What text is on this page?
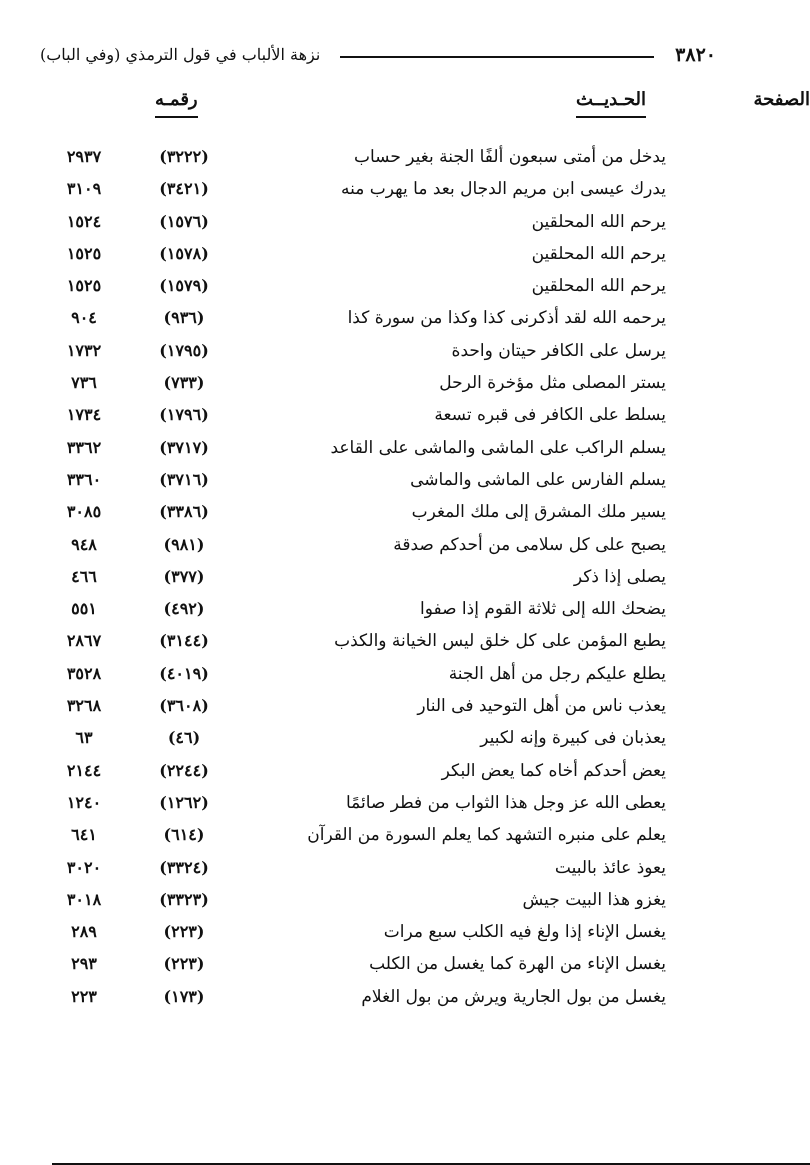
٣٨٢٠
نزهة الألباب في قول الترمذي (وفي الباب)
الحـديــث
رقمـه	الصفحة
يدخل من أمتى سبعون ألفًا الجنة بغير حساب
(٣٢٢٢)
٢٩٣٧
يدرك عيسى ابن مريم الدجال بعد ما يهرب منه
(٣٤٢١)
٣١٠٩
يرحم الله المحلقين
(١٥٧٦)
١٥٢٤
يرحم الله المحلقين
(١٥٧٨)
١٥٢٥
يرحم الله المحلقين
(١٥٧٩)
١٥٢٥
يرحمه الله لقد أذكرنى كذا وكذا من سورة كذا
(٩٣٦)
٩٠٤
يرسل على الكافر حيتان واحدة
(١٧٩٥)
١٧٣٢
يستر المصلى مثل مؤخرة الرحل
(٧٣٣)
٧٣٦
يسلط على الكافر فى قبره تسعة
(١٧٩٦)
١٧٣٤
يسلم الراكب على الماشى والماشى على القاعد
(٣٧١٧)
٣٣٦٢
يسلم الفارس على الماشى والماشى
(٣٧١٦)
٣٣٦٠
يسير ملك المشرق إلى ملك المغرب
(٣٣٨٦)
٣٠٨٥
يصبح على كل سلامى من أحدكم صدقة
(٩٨١)
٩٤٨
يصلى إذا ذكر
(٣٧٧)
٤٦٦
يضحك الله إلى ثلاثة القوم إذا صفوا
(٤٩٢)
٥٥١
يطبع المؤمن على كل خلق ليس الخيانة والكذب
(٣١٤٤)
٢٨٦٧
يطلع عليكم رجل من أهل الجنة
(٤٠١٩)
٣٥٢٨
يعذب ناس من أهل التوحيد فى النار
(٣٦٠٨)
٣٢٦٨
يعذبان فى كبيرة وإنه لكبير
(٤٦)
٦٣
يعض أحدكم أخاه كما يعض البكر
(٢٢٤٤)
٢١٤٤
يعطى الله عز وجل هذا الثواب من فطر صائمًا
(١٢٦٢)
١٢٤٠
يعلم على منبره التشهد كما يعلم السورة من القرآن
(٦١٤)
٦٤١
يعوذ عائذ بالبيت
(٣٣٢٤)
٣٠٢٠
يغزو هذا البيت جيش
(٣٣٢٣)
٣٠١٨
يغسل الإناء إذا ولغ فيه الكلب سبع مرات
(٢٢٣)
٢٨٩
يغسل الإناء من الهرة كما يغسل من الكلب
(٢٢٣)
٢٩٣
يغسل من بول الجارية ويرش من بول الغلام
(١٧٣)
٢٢٣
